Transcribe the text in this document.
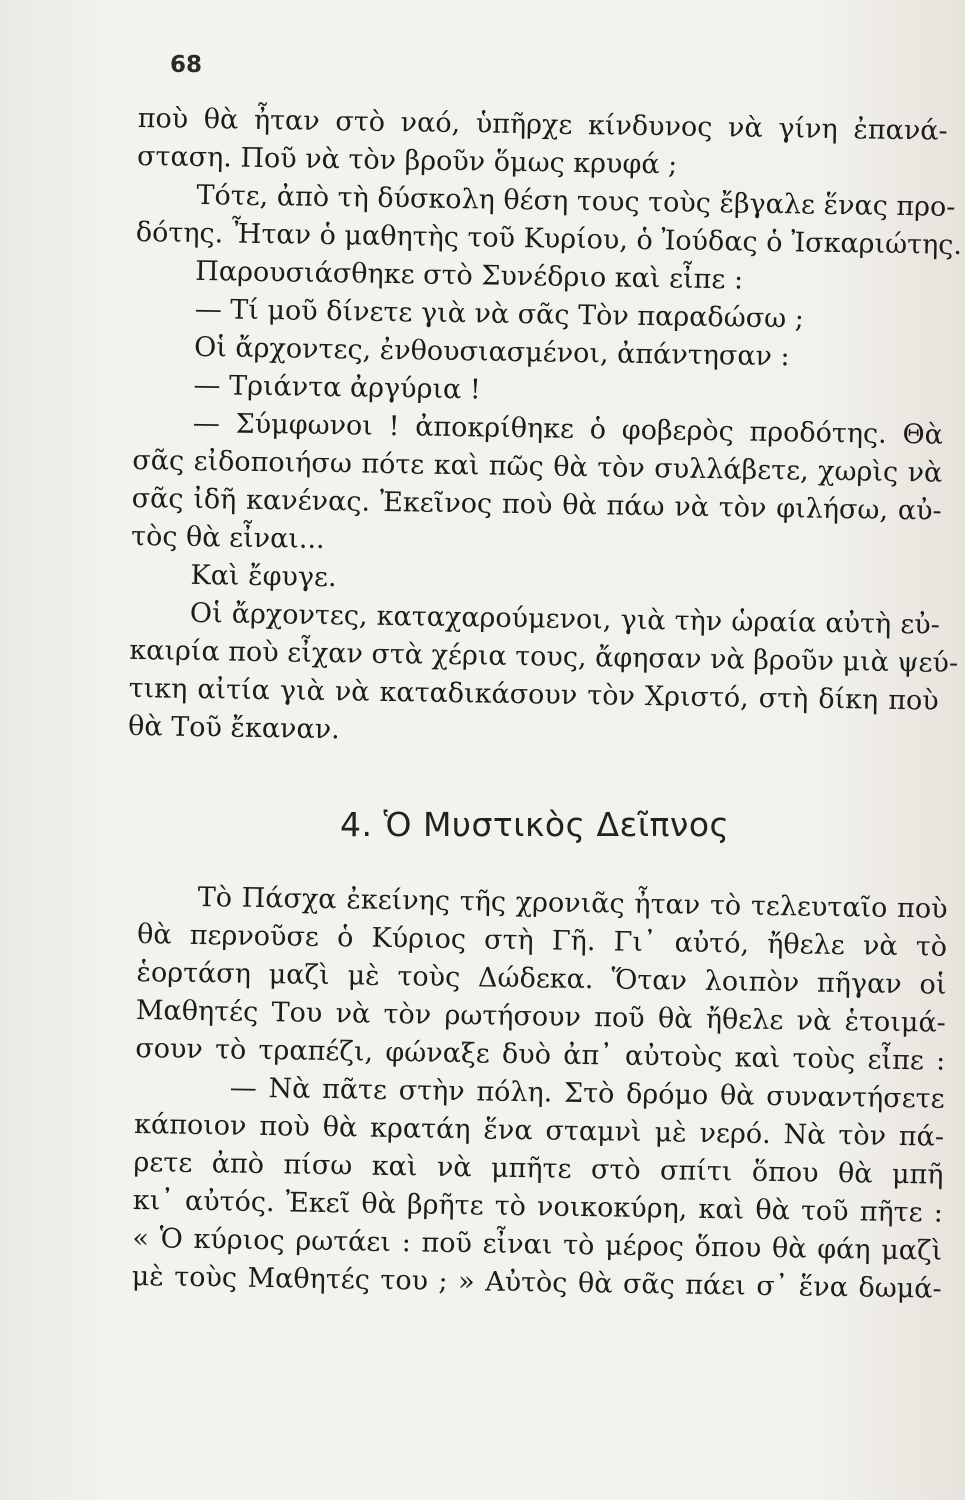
68
ποὺ θὰ ἦταν στὸ ναό, ὑπῆρχε κίνδυνος νὰ γίνη ἐπανά-
σταση. Ποῦ νὰ τὸν βροῦν ὅμως κρυφά ;
Τότε, ἀπὸ τὴ δύσκολη θέση τους τοὺς ἔβγαλε ἕνας προ-
δότης. Ἦταν ὁ μαθητὴς τοῦ Κυρίου, ὁ Ἰούδας ὁ Ἰσκαριώτης.
Παρουσιάσθηκε στὸ Συνέδριο καὶ εἶπε :
— Τί μοῦ δίνετε γιὰ νὰ σᾶς Τὸν παραδώσω ;
Οἱ ἄρχοντες, ἐνθουσιασμένοι, ἀπάντησαν :
— Τριάντα ἀργύρια !
— Σύμφωνοι ! ἀποκρίθηκε ὁ φοβερὸς προδότης. Θὰ
σᾶς εἰδοποιήσω πότε καὶ πῶς θὰ τὸν συλλάβετε, χωρὶς νὰ
σᾶς ἰδῆ κανένας. Ἐκεῖνος ποὺ θὰ πάω νὰ τὸν φιλήσω, αὐ-
τὸς θὰ εἶναι...
Καὶ ἔφυγε.
Οἱ ἄρχοντες, καταχαρούμενοι, γιὰ τὴν ὡραία αὐτὴ εὐ-
καιρία ποὺ εἶχαν στὰ χέρια τους, ἄφησαν νὰ βροῦν μιὰ ψεύ-
τικη αἰτία γιὰ νὰ καταδικάσουν τὸν Χριστό, στὴ δίκη ποὺ
θὰ Τοῦ ἔκαναν.
4. Ὁ Μυστικὸς Δεῖπνος
Τὸ Πάσχα ἐκείνης τῆς χρονιᾶς ἦταν τὸ τελευταῖο ποὺ
θὰ περνοῦσε ὁ Κύριος στὴ Γῆ. Γι᾽ αὐτό, ἤθελε νὰ τὸ
ἑορτάση μαζὶ μὲ τοὺς Δώδεκα. Ὅταν λοιπὸν πῆγαν οἱ
Μαθητές Του νὰ τὸν ρωτήσουν ποῦ θὰ ἤθελε νὰ ἑτοιμά-
σουν τὸ τραπέζι, φώναξε δυὸ ἀπ᾽ αὐτοὺς καὶ τοὺς εἶπε :
— Νὰ πᾶτε στὴν πόλη. Στὸ δρόμο θὰ συναντήσετε
κάποιον ποὺ θὰ κρατάη ἕνα σταμνὶ μὲ νερό. Νὰ τὸν πά-
ρετε ἀπὸ πίσω καὶ νὰ μπῆτε στὸ σπίτι ὅπου θὰ μπῆ
κι᾽ αὐτός. Ἐκεῖ θὰ βρῆτε τὸ νοικοκύρη, καὶ θὰ τοῦ πῆτε :
« Ὁ κύριος ρωτάει : ποῦ εἶναι τὸ μέρος ὅπου θὰ φάη μαζὶ
μὲ τοὺς Μαθητές του ; » Αὐτὸς θὰ σᾶς πάει σ᾽ ἕνα δωμά-
